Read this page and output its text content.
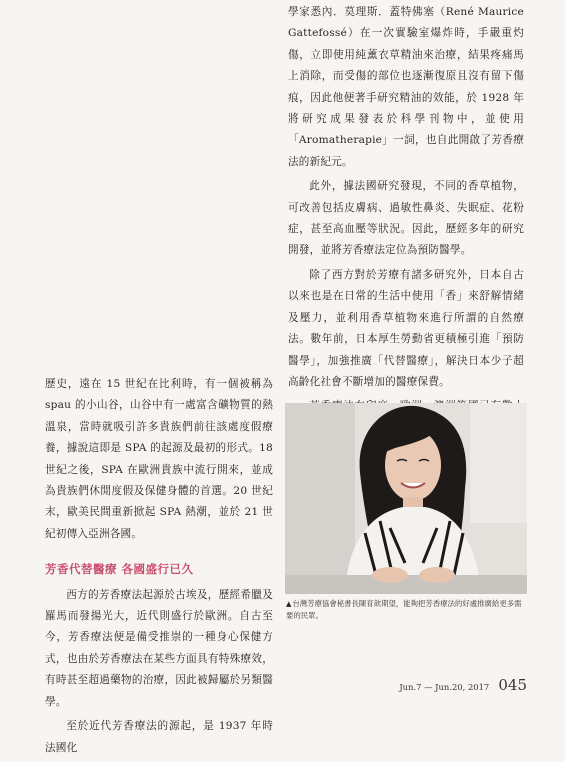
學家悉內．莫理斯．蓋特佛塞（René Maurice Gattefossé）在一次實驗室爆炸時，手嚴重灼傷，立即使用純薰衣草精油來治療，結果疼痛馬上消除，而受傷的部位也逐漸復原且沒有留下傷痕，因此他便著手研究精油的效能，於 1928 年將研究成果發表於科學刊物中，並使用「Aromatherapie」一詞，也自此開啟了芳香療法的新紀元。

此外，據法國研究發現，不同的香草植物，可改善包括皮膚病、過敏性鼻炎、失眠症、花粉症，甚至高血壓等狀況。因此，歷經多年的研究開發，並將芳香療法定位為預防醫學。

除了西方對於芳療有諸多研究外，日本自古以來也是在日常的生活中使用「香」來舒解情緒及壓力，並利用香草植物來進行所謂的自然療法。數年前，日本厚生勞動省更積極引進「預防醫學」，加強推廣「代替醫療」，解決日本少子超高齡化社會不斷增加的醫療保費。

歷史，遠在 15 世紀在比利時，有一個被稱為 spau 的小山谷，山谷中有一處富含礦物質的熱溫泉，當時就吸引許多貴族們前往該處度假療養，據說這即是 SPA 的起源及最初的形式。18 世紀之後，SPA 在歐洲貴族中流行開來，並成為貴族們休閒度假及保健身體的首選。20 世紀末，歐美民間重新掀起 SPA 熱潮，並於 21 世紀初傳入亞洲各國。

芳香代替醫療 各國盛行已久

西方的芳香療法起源於古埃及，歷經希臘及羅馬而發揚光大，近代則盛行於歐洲。自古至今，芳香療法便是備受推崇的一種身心保健方式，也由於芳香療法在某些方面具有特殊療效，有時甚至超過藥物的治療，因此被歸屬於另類醫學。

至於近代芳香療法的源起，是 1937 年時法國化

▲台灣芳療協會秘書長陳育歆期望，能夠把芳香療法的好處推廣給更多需要的民眾。
Jun.7 — Jun.20, 2017 045
